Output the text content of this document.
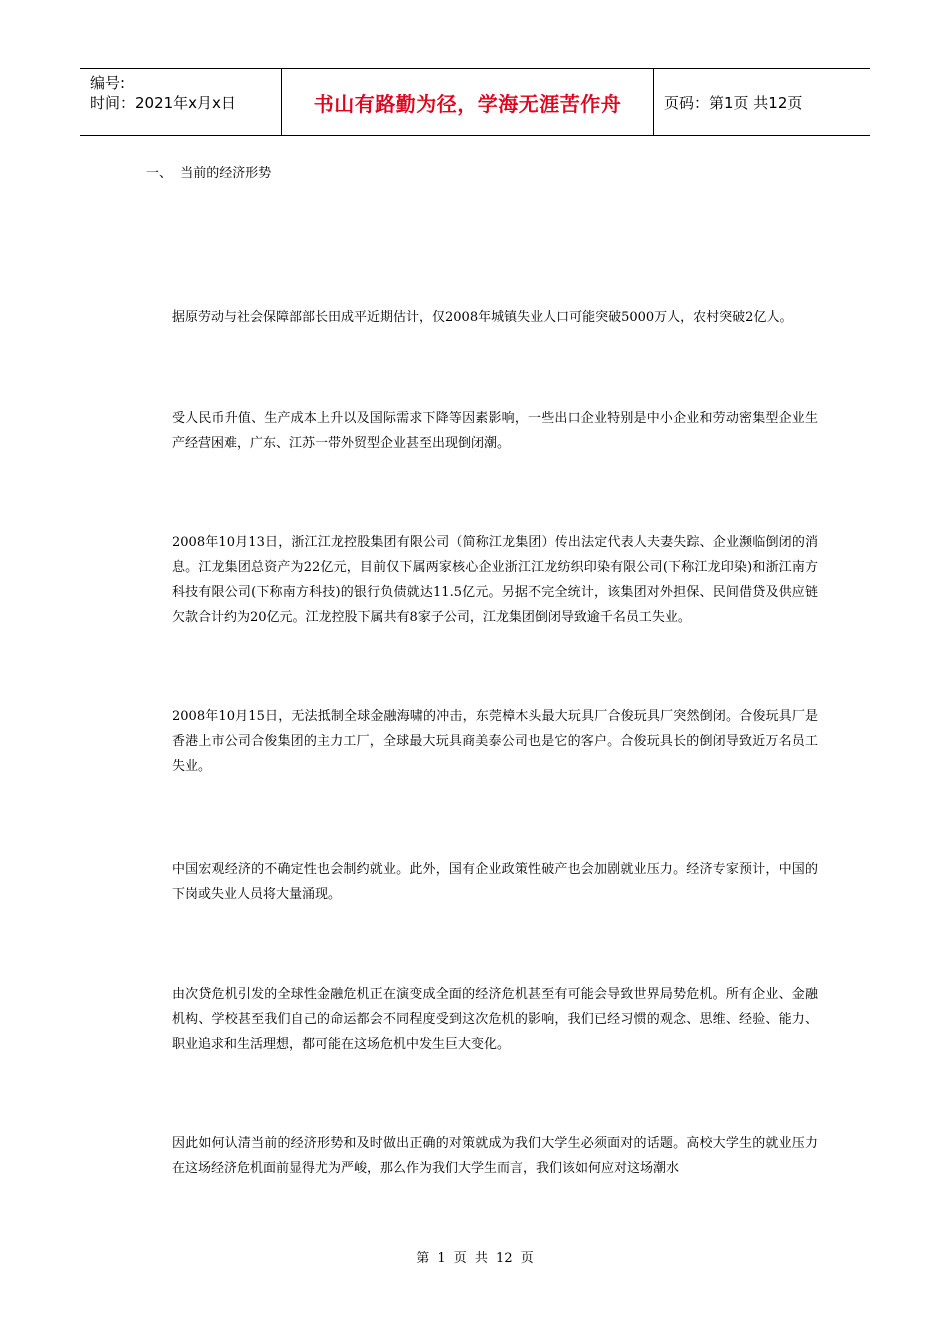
编号:
时间：2021年x月x日	书山有路勤为径，学海无涯苦作舟	页码：第1页 共12页
一、  当前的经济形势

据原劳动与社会保障部部长田成平近期估计，仅2008年城镇失业人口可能突破5000万人，农村突破2亿人。

受人民币升值、生产成本上升以及国际需求下降等因素影响，一些出口企业特别是中小企业和劳动密集型企业生产经营困难，广东、江苏一带外贸型企业甚至出现倒闭潮。

2008年10月13日，浙江江龙控股集团有限公司（简称江龙集团）传出法定代表人夫妻失踪、企业濒临倒闭的消息。江龙集团总资产为22亿元，目前仅下属两家核心企业浙江江龙纺织印染有限公司(下称江龙印染)和浙江南方科技有限公司(下称南方科技)的银行负债就达11.5亿元。另据不完全统计，该集团对外担保、民间借贷及供应链欠款合计约为20亿元。江龙控股下属共有8家子公司，江龙集团倒闭导致逾千名员工失业。

2008年10月15日，无法抵制全球金融海啸的冲击，东莞樟木头最大玩具厂合俊玩具厂突然倒闭。合俊玩具厂是香港上市公司合俊集团的主力工厂，全球最大玩具商美泰公司也是它的客户。合俊玩具长的倒闭导致近万名员工失业。

中国宏观经济的不确定性也会制约就业。此外，国有企业政策性破产也会加剧就业压力。经济专家预计，中国的下岗或失业人员将大量涌现。

由次贷危机引发的全球性金融危机正在演变成全面的经济危机甚至有可能会导致世界局势危机。所有企业、金融机构、学校甚至我们自己的命运都会不同程度受到这次危机的影响，我们已经习惯的观念、思维、经验、能力、职业追求和生活理想，都可能在这场危机中发生巨大变化。

因此如何认清当前的经济形势和及时做出正确的对策就成为我们大学生必须面对的话题。高校大学生的就业压力在这场经济危机面前显得尤为严峻，那么作为我们大学生而言，我们该如何应对这场潮水

第 1 页 共 12 页
